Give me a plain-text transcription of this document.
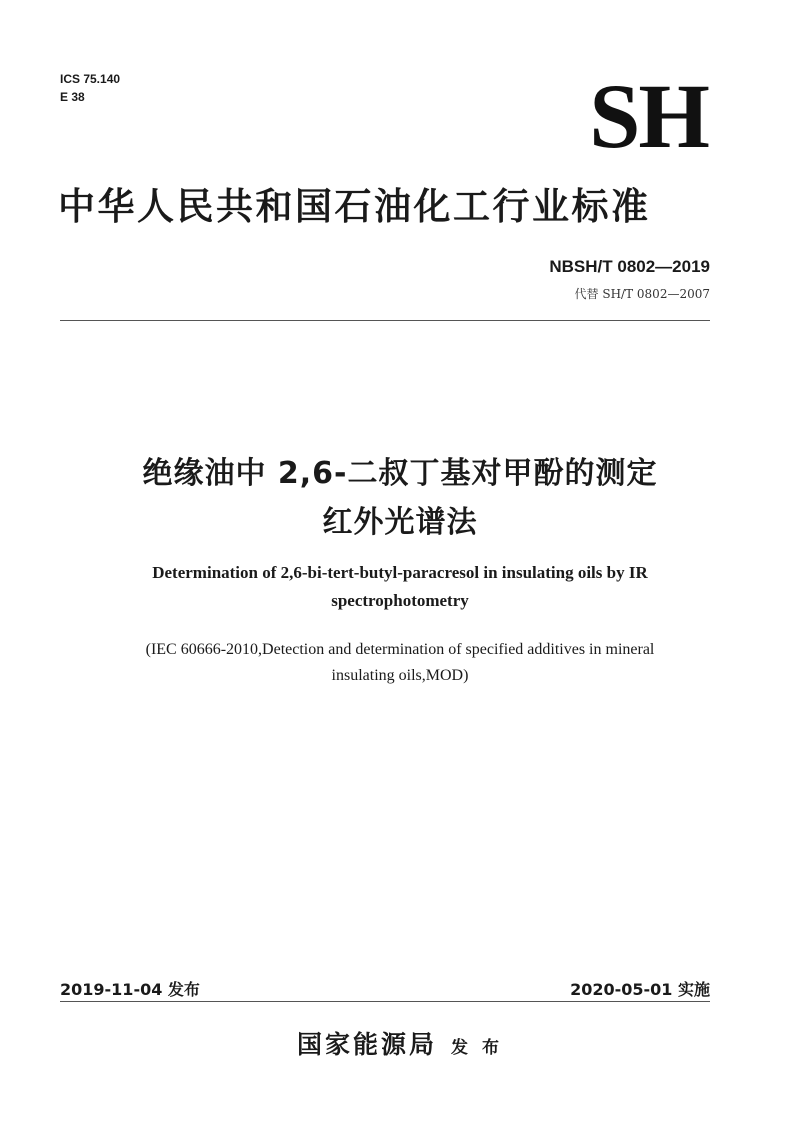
ICS 75.140
E 38	SH
中华人民共和国石油化工行业标准
NBSH/T 0802—2019
代替 SH/T 0802—2007
绝缘油中 2,6-二叔丁基对甲酚的测定
红外光谱法
Determination of 2,6-bi-tert-butyl-paracresol in insulating oils by IR
spectrophotometry
(IEC 60666-2010,Detection and determination of specified additives in mineral
insulating oils,MOD)
2019-11-04 发布	2020-05-01 实施
国家能源局 发 布
